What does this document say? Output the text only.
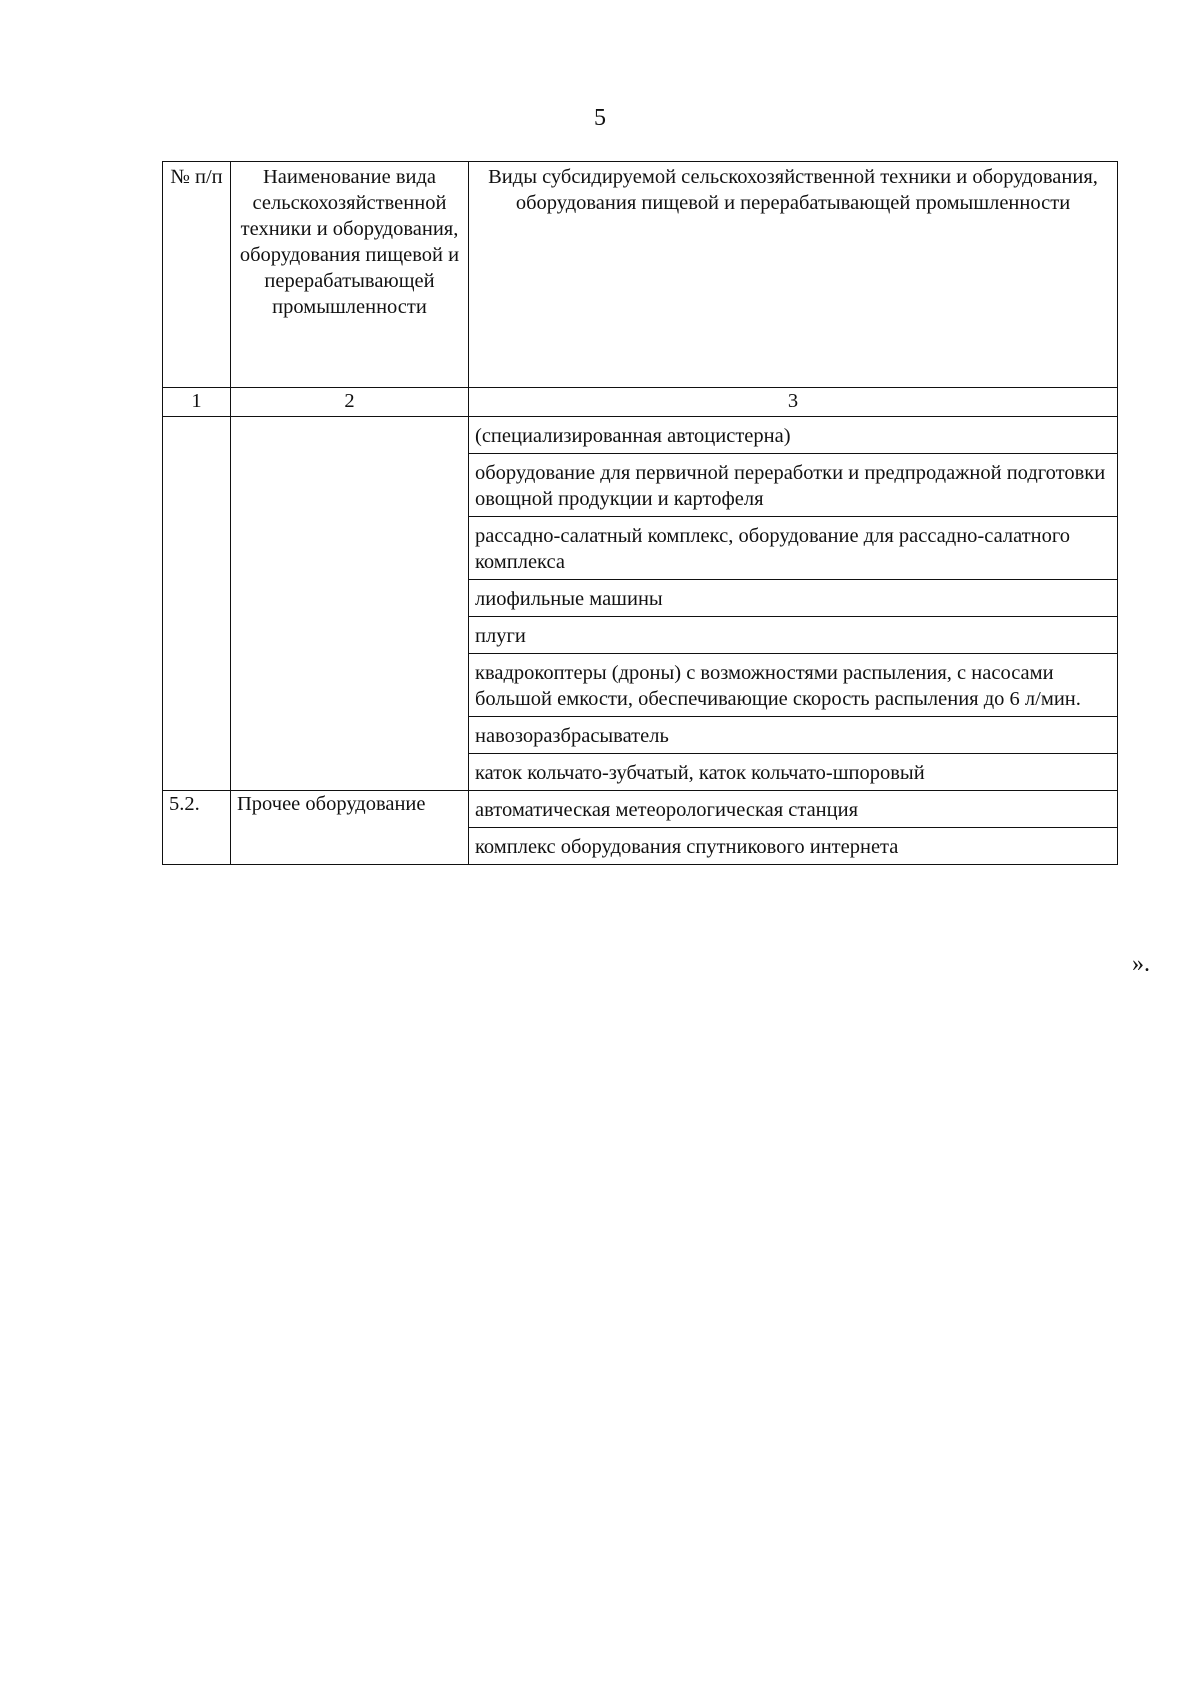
5
№ п/п	Наименование вида сельскохозяйственной техники и оборудования, оборудования пищевой и перерабатывающей промышленности	Виды субсидируемой сельскохозяйственной техники и оборудования, оборудования пищевой и перерабатывающей промышленности
1	2	3
		(специализированная автоцистерна)
		оборудование для первичной переработки и предпродажной подготовки овощной продукции и картофеля
		рассадно-салатный комплекс, оборудование для рассадно-салатного комплекса
		лиофильные машины
		плуги
		квадрокоптеры (дроны) с возможностями распыления, с насосами большой емкости, обеспечивающие скорость распыления до 6 л/мин.
		навозоразбрасыватель
		каток кольчато-зубчатый, каток кольчато-шпоровый
5.2.	Прочее оборудование	автоматическая метеорологическая станция
		комплекс оборудования спутникового интернета
».
